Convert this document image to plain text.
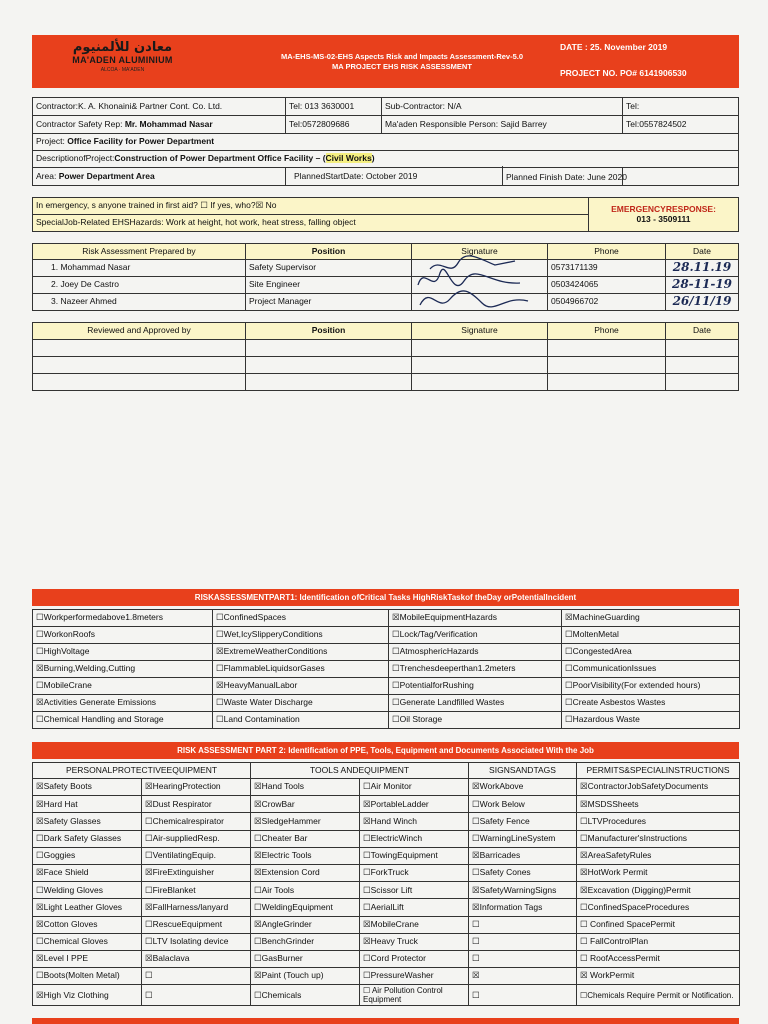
معادن للألمنيوم
MA'ADEN ALUMINIUM
ALCOA · MA'ADEN
MA-EHS-MS-02-EHS Aspects Risk and Impacts Assessment-Rev-5.0
MA PROJECT EHS RISK ASSESSMENT
DATE : 25. November 2019
PROJECT NO. PO# 6141906530
Contractor:K. A. Khonaini& Partner Cont. Co. Ltd.	Tel: 013 3630001	Sub-Contractor: N/A	Tel:
Contractor Safety Rep: Mr. Mohammad Nasar	Tel:0572809686	Ma'aden Responsible Person: Sajid Barrey	Tel:0557824502
Project: Office Facility for Power Department			
DescriptionofProject:Construction of Power Department Office Facility – (Civil Works)			
Area: Power Department Area	PlannedStartDate: October 2019			Planned Finish Date: June 2020
In emergency, s anyone trained in first aid? ☐ If yes, who?☒ No	EMERGENCYRESPONSE:
013 - 3509111

SpecialJob-Related EHSHazards: Work at height, hot work, heat stress, falling object
Risk Assessment Prepared by	Position	Signature	Phone	Date
1. Mohammad Nasar	Safety Supervisor		0573171139	28.11.19
2. Joey De Castro	Site Engineer		0503424065	28-11-19
3. Nazeer Ahmed	Project Manager		0504966702	26/11/19
Reviewed and Approved by	Position	Signature	Phone	Date

RISKASSESSMENTPART1: Identification ofCritical Tasks HighRiskTaskof theDay orPotentialIncident
☐Workperformedabove1.8meters	☐ConfinedSpaces	☒MobileEquipmentHazards	☒MachineGuarding
☐WorkonRoofs	☐Wet,IcySlipperyConditions	☐Lock/Tag/Verification	☐MoltenMetal
☐HighVoltage	☒ExtremeWeatherConditions	☐AtmosphericHazards	☐CongestedArea
☒Burning,Welding,Cutting	☐FlammableLiquidsorGases	☐Trenchesdeeperthan1.2meters	☐CommunicationIssues
☐MobileCrane	☒HeavyManualLabor	☐PotentialforRushing	☐PoorVisibility(For extended hours)
☒Activities Generate Emissions	☐Waste Water Discharge	☐Generate Landfilled Wastes	☐Create Asbestos Wastes
☐Chemical Handling and Storage	☐Land Contamination	☐Oil Storage	☐Hazardous Waste
RISK ASSESSMENT PART 2: Identification of PPE, Tools, Equipment and Documents Associated With the Job
PERSONALPROTECTIVEEQUIPMENT		TOOLS ANDEQUIPMENT		SIGNSANDTAGS	PERMITS&SPECIALINSTRUCTIONS
☒Safety Boots	☒HearingProtection	☒Hand Tools	☐Air Monitor	☒WorkAbove	☒ContractorJobSafetyDocuments
☒Hard Hat	☒Dust Respirator	☒CrowBar	☒PortableLadder	☐Work Below	☒MSDSSheets
☒Safety Glasses	☐Chemicalrespirator	☒SledgeHammer	☒Hand Winch	☐Safety Fence	☐LTVProcedures
☐Dark Safety Glasses	☐Air-suppliedResp.	☐Cheater Bar	☐ElectricWinch	☐WarningLineSystem	☐Manufacturer'sInstructions
☐Goggies	☐VentilatingEquip.	☒Electric Tools	☐TowingEquipment	☒Barricades	☒AreaSafetyRules
☒Face Shield	☒FireExtinguisher	☒Extension Cord	☐ForkTruck	☐Safety Cones	☒HotWork Permit
☐Welding Gloves	☐FireBlanket	☐Air Tools	☐Scissor Lift	☒SafetyWarningSigns	☒Excavation (Digging)Permit
☒Light Leather Gloves	☒FallHarness/lanyard	☐WeldingEquipment	☐AerialLift	☒Information Tags	☐ConfinedSpaceProcedures
☒Cotton Gloves	☐RescueEquipment	☒AngleGrinder	☒MobileCrane	☐	☐ Confined SpacePermit
☐Chemical Gloves	☐LTV Isolating device	☐BenchGrinder	☒Heavy Truck	☐	☐ FallControlPlan
☒Level I PPE	☒Balaclava	☐GasBurner	☐Cord Protector	☐	☐ RoofAccessPermit
☐Boots(Molten Metal)	☐	☒Paint (Touch up)	☐PressureWasher	☒	☒ WorkPermit
☒High Viz Clothing	☐	☐Chemicals	☐ Air Pollution Control Equipment	☐	☐Chemicals Require Permit or Notification.
